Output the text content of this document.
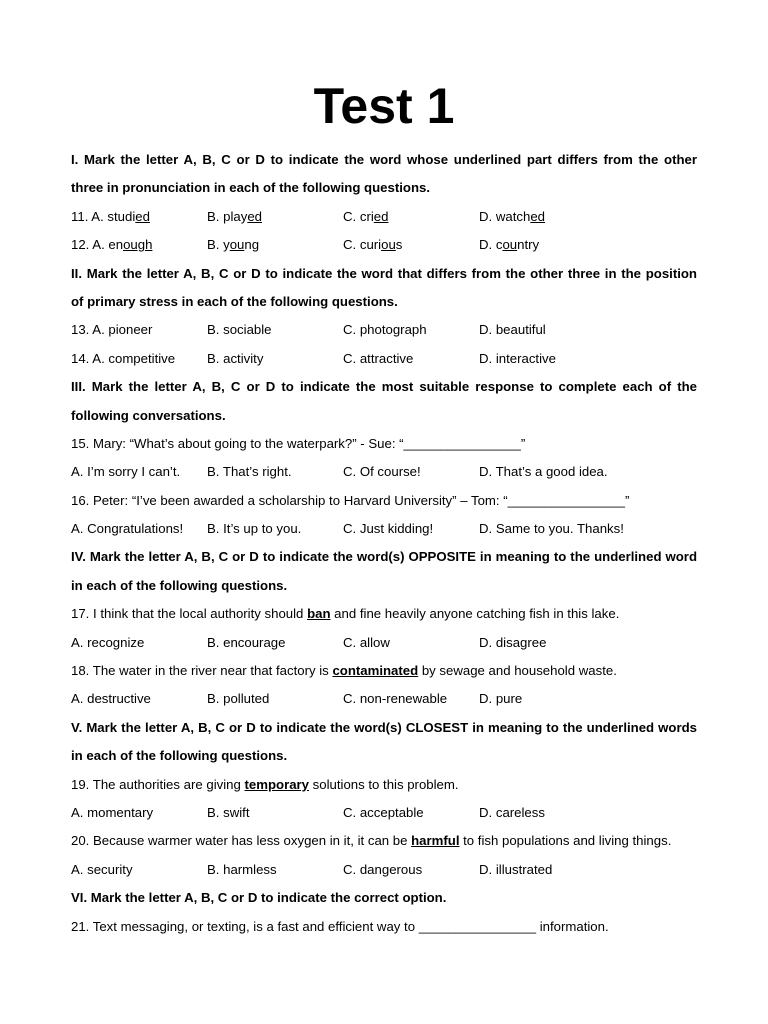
Test 1
I. Mark the letter A, B, C or D to indicate the word whose underlined part differs from the other
three in pronunciation in each of the following questions.
11. A. studied	B. played	C. cried	D. watched
12. A. enough	B. young	C. curious	D. country
II. Mark the letter A, B, C or D to indicate the word that differs from the other three in the position
of primary stress in each of the following questions.
13. A. pioneer	B. sociable	C. photograph	D. beautiful
14. A. competitive	B. activity	C. attractive	D. interactive
III. Mark the letter A, B, C or D to indicate the most suitable response to complete each of the
following conversations.
15. Mary: “What’s about going to the waterpark?” - Sue: “________________”
A. I’m sorry I can’t.	B. That’s right.	C. Of course!	D. That’s a good idea.
16. Peter: “I’ve been awarded a scholarship to Harvard University” – Tom: “________________”
A. Congratulations!	B. It’s up to you.	C. Just kidding!	D. Same to you. Thanks!
IV. Mark the letter A, B, C or D to indicate the word(s) OPPOSITE in meaning to the underlined word
in each of the following questions.
17. I think that the local authority should ban and fine heavily anyone catching fish in this lake.
A. recognize	B. encourage	C. allow	D. disagree
18. The water in the river near that factory is contaminated by sewage and household waste.
A. destructive	B. polluted	C. non-renewable	D. pure
V. Mark the letter A, B, C or D to indicate the word(s) CLOSEST in meaning to the underlined words
in each of the following questions.
19. The authorities are giving temporary solutions to this problem.
A. momentary	B. swift	C. acceptable	D. careless
20. Because warmer water has less oxygen in it, it can be harmful to fish populations and living things.
A. security	B. harmless	C. dangerous	D. illustrated
VI. Mark the letter A, B, C or D to indicate the correct option.
21. Text messaging, or texting, is a fast and efficient way to ________________ information.
